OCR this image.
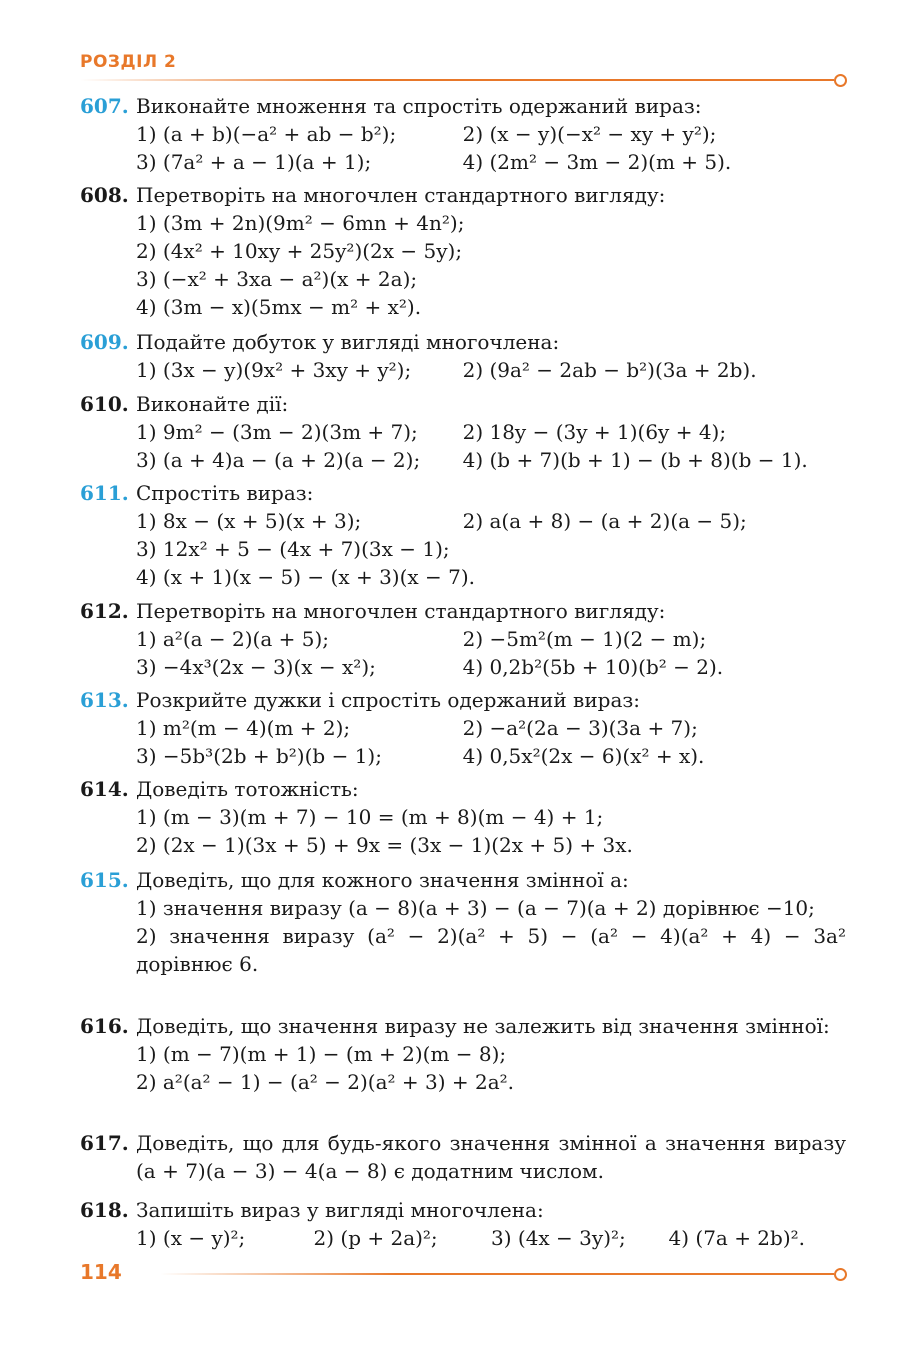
РОЗДІЛ 2
607. Виконайте множення та спростіть одержаний вираз:
1) (a + b)(−a² + ab − b²);	2) (x − y)(−x² − xy + y²);
3) (7a² + a − 1)(a + 1);	4) (2m² − 3m − 2)(m + 5).
608. Перетворіть на многочлен стандартного вигляду:
1) (3m + 2n)(9m² − 6mn + 4n²);
2) (4x² + 10xy + 25y²)(2x − 5y);
3) (−x² + 3xa − a²)(x + 2a);
4) (3m − x)(5mx − m² + x²).
609. Подайте добуток у вигляді многочлена:
1) (3x − y)(9x² + 3xy + y²);	2) (9a² − 2ab − b²)(3a + 2b).
610. Виконайте дії:
1) 9m² − (3m − 2)(3m + 7);	2) 18y − (3y + 1)(6y + 4);
3) (a + 4)a − (a + 2)(a − 2);	4) (b + 7)(b + 1) − (b + 8)(b − 1).
611. Спростіть вираз:
1) 8x − (x + 5)(x + 3);	2) a(a + 8) − (a + 2)(a − 5);
3) 12x² + 5 − (4x + 7)(3x − 1);
4) (x + 1)(x − 5) − (x + 3)(x − 7).
612. Перетворіть на многочлен стандартного вигляду:
1) a²(a − 2)(a + 5);	2) −5m²(m − 1)(2 − m);
3) −4x³(2x − 3)(x − x²);	4) 0,2b²(5b + 10)(b² − 2).
613. Розкрийте дужки і спростіть одержаний вираз:
1) m²(m − 4)(m + 2);	2) −a²(2a − 3)(3a + 7);
3) −5b³(2b + b²)(b − 1);	4) 0,5x²(2x − 6)(x² + x).
614. Доведіть тотожність:
1) (m − 3)(m + 7) − 10 = (m + 8)(m − 4) + 1;
2) (2x − 1)(3x + 5) + 9x = (3x − 1)(2x + 5) + 3x.
615. Доведіть, що для кожного значення змінної a:
1) значення виразу (a − 8)(a + 3) − (a − 7)(a + 2) дорівнює −10;
2) значення виразу (a² − 2)(a² + 5) − (a² − 4)(a² + 4) − 3a² дорівнює 6.
616. Доведіть, що значення виразу не залежить від значення змінної:
1) (m − 7)(m + 1) − (m + 2)(m − 8);
2) a²(a² − 1) − (a² − 2)(a² + 3) + 2a².
617. Доведіть, що для будь-якого значення змінної a значення виразу (a + 7)(a − 3) − 4(a − 8) є додатним числом.
618. Запишіть вираз у вигляді многочлена:
1) (x − y)²;	2) (p + 2a)²;	3) (4x − 3y)²;	4) (7a + 2b)².
114
